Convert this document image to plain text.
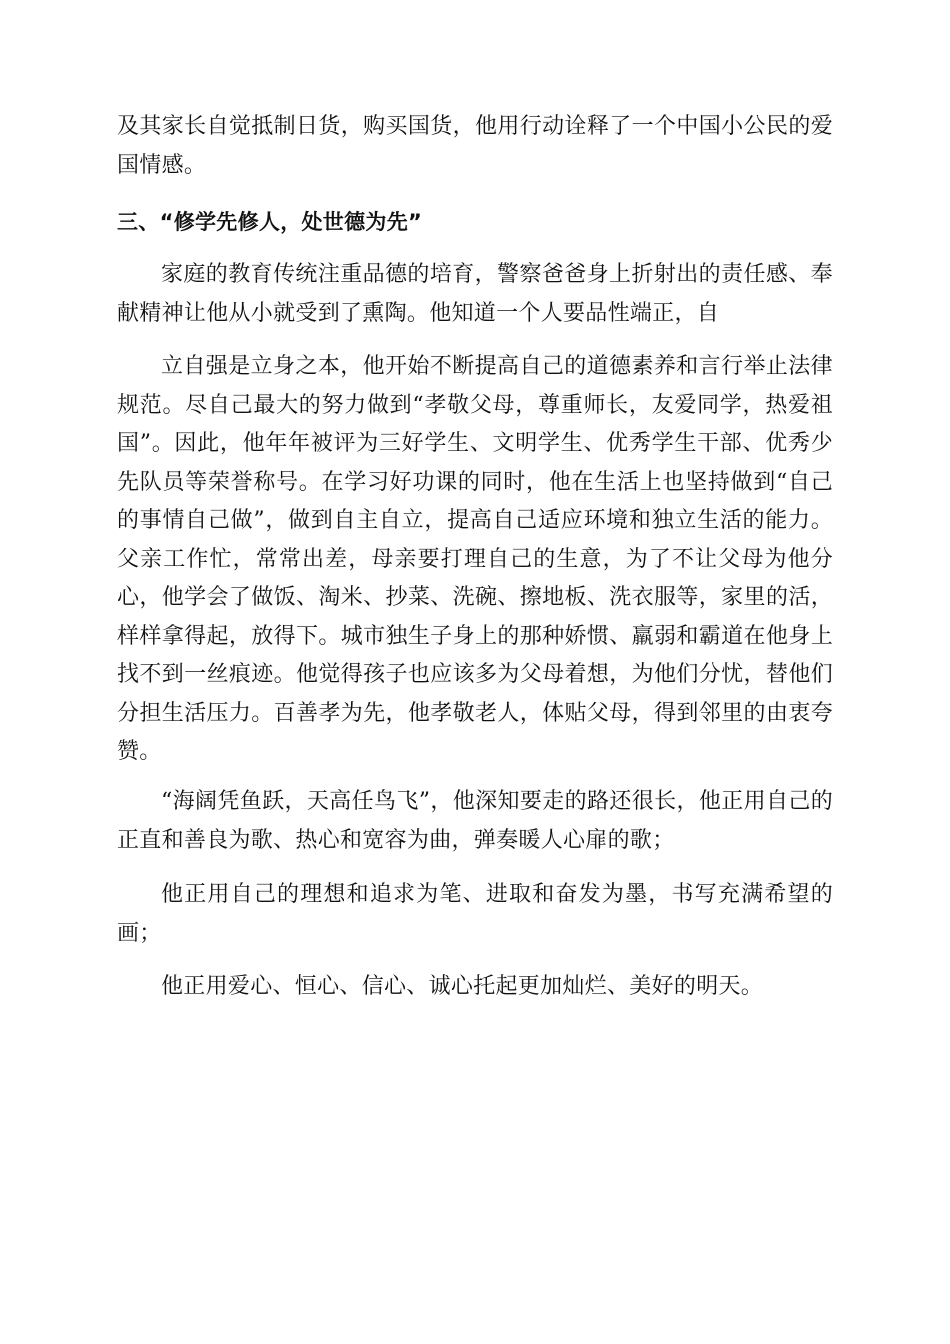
及其家长自觉抵制日货，购买国货，他用行动诠释了一个中国小公民的爱国情感。

三、“修学先修人，处世德为先”

家庭的教育传统注重品德的培育，警察爸爸身上折射出的责任感、奉献精神让他从小就受到了熏陶。他知道一个人要品性端正，自

立自强是立身之本，他开始不断提高自己的道德素养和言行举止法律规范。尽自己最大的努力做到“孝敬父母，尊重师长，友爱同学，热爱祖国”。因此，他年年被评为三好学生、文明学生、优秀学生干部、优秀少先队员等荣誉称号。在学习好功课的同时，他在生活上也坚持做到“自己的事情自己做”，做到自主自立，提高自己适应环境和独立生活的能力。父亲工作忙，常常出差，母亲要打理自己的生意，为了不让父母为他分心，他学会了做饭、淘米、抄菜、洗碗、擦地板、洗衣服等，家里的活，样样拿得起，放得下。城市独生子身上的那种娇惯、羸弱和霸道在他身上找不到一丝痕迹。他觉得孩子也应该多为父母着想，为他们分忧，替他们分担生活压力。百善孝为先，他孝敬老人，体贴父母，得到邻里的由衷夸赞。

“海阔凭鱼跃，天高任鸟飞”，他深知要走的路还很长，他正用自己的正直和善良为歌、热心和宽容为曲，弹奏暖人心扉的歌；

他正用自己的理想和追求为笔、进取和奋发为墨，书写充满希望的画；

他正用爱心、恒心、信心、诚心托起更加灿烂、美好的明天。
